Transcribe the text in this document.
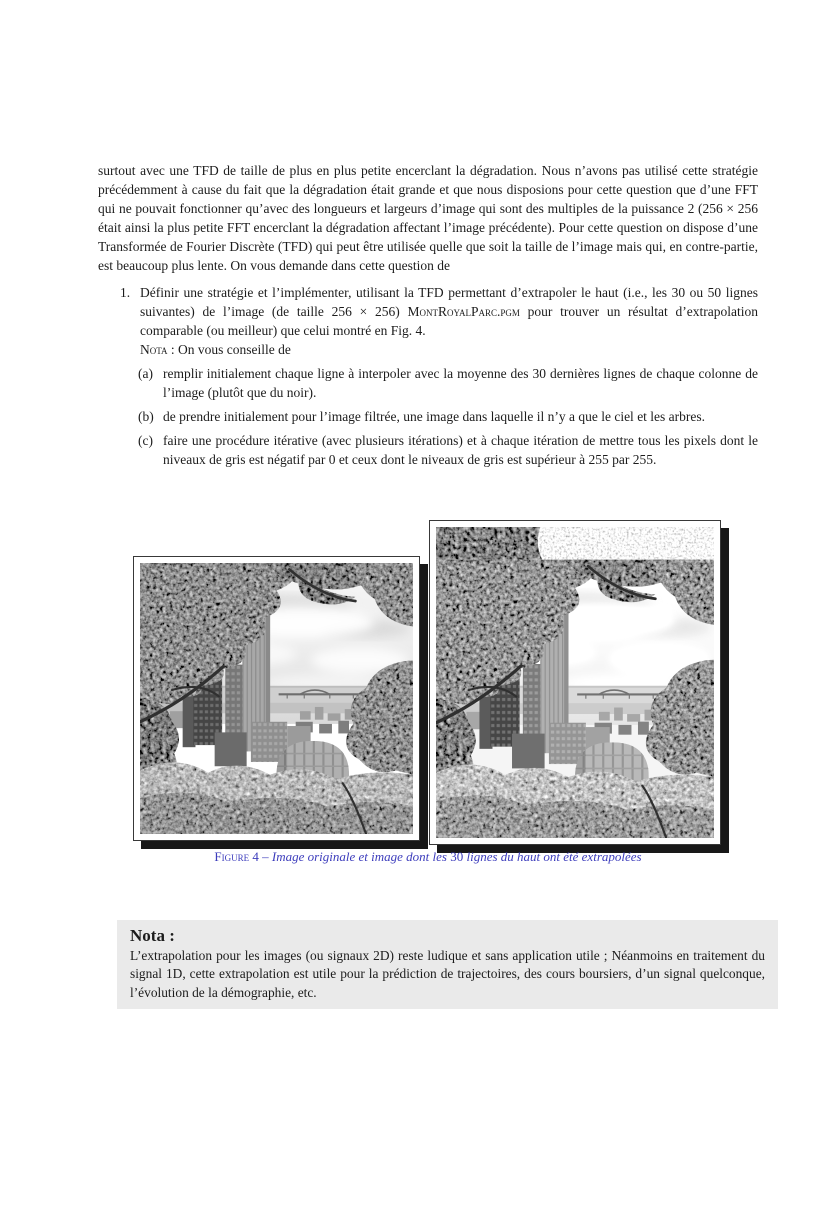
surtout avec une TFD de taille de plus en plus petite encerclant la dégradation. Nous n’avons pas utilisé cette stratégie précédemment à cause du fait que la dégradation était grande et que nous disposions pour cette question que d’une FFT qui ne pouvait fonctionner qu’avec des longueurs et largeurs d’image qui sont des multiples de la puissance 2 (256 × 256 était ainsi la plus petite FFT encerclant la dégradation affectant l’image précédente). Pour cette question on dispose d’une Transformée de Fourier Discrète (TFD) qui peut être utilisée quelle que soit la taille de l’image mais qui, en contre-partie, est beaucoup plus lente. On vous demande dans cette question de

1. Définir une stratégie et l’implémenter, utilisant la TFD permettant d’extrapoler le haut (i.e., les 30 ou 50 lignes suivantes) de l’image (de taille 256 × 256) MontRoyalParc.pgm pour trouver un résultat d’extrapolation comparable (ou meilleur) que celui montré en Fig. 4.
Nota : On vous conseille de
(a) remplir initialement chaque ligne à interpoler avec la moyenne des 30 dernières lignes de chaque colonne de l’image (plutôt que du noir).
(b) de prendre initialement pour l’image filtrée, une image dans laquelle il n’y a que le ciel et les arbres.
(c) faire une procédure itérative (avec plusieurs itérations) et à chaque itération de mettre tous les pixels dont le niveaux de gris est négatif par 0 et ceux dont le niveaux de gris est supérieur à 255 par 255.
Figure 4 – Image originale et image dont les 30 lignes du haut ont été extrapolées

Nota :

L’extrapolation pour les images (ou signaux 2D) reste ludique et sans application utile ; Néanmoins en traitement du signal 1D, cette extrapolation est utile pour la prédiction de trajectoires, des cours boursiers, d’un signal quelconque, l’évolution de la démographie, etc.
